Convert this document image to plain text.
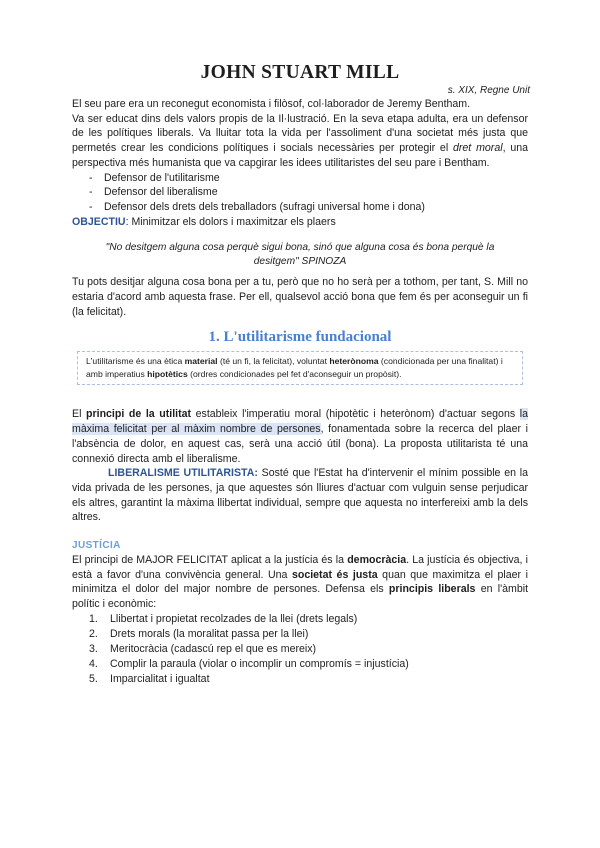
JOHN STUART MILL
s. XIX, Regne Unit

El seu pare era un reconegut economista i filòsof, col·laborador de Jeremy Bentham.

Va ser educat dins dels valors propis de la Il·lustració. En la seva etapa adulta, era un defensor de les polítiques liberals. Va lluitar tota la vida per l'assoliment d'una societat més justa que permetés crear les condicions polítiques i socials necessàries per protegir el dret moral, una perspectiva més humanista que va capgirar les idees utilitaristes del seu pare i Bentham.

- Defensor de l'utilitarisme
- Defensor del liberalisme
- Defensor dels drets dels treballadors (sufragi universal home i dona)

OBJECTIU: Minimitzar els dolors i maximitzar els plaers

"No desitgem alguna cosa perquè sigui bona, sinó que alguna cosa és bona perquè la desitgem" SPINOZA

Tu pots desitjar alguna cosa bona per a tu, però que no ho serà per a tothom, per tant, S. Mill no estaria d'acord amb aquesta frase. Per ell, qualsevol acció bona que fem és per aconseguir un fi (la felicitat).

1. L'utilitarisme fundacional
L'utilitarisme és una ètica material (té un fi, la felicitat), voluntat heterònoma (condicionada per una finalitat) i amb imperatius hipotètics (ordres condicionades pel fet d'aconseguir un propòsit).

El principi de la utilitat estableix l'imperatiu moral (hipotètic i heterònom) d'actuar segons la màxima felicitat per al màxim nombre de persones, fonamentada sobre la recerca del plaer i l'absència de dolor, en aquest cas, serà una acció útil (bona). La proposta utilitarista té una connexió directa amb el liberalisme.

LIBERALISME UTILITARISTA: Sosté que l'Estat ha d'intervenir el mínim possible en la vida privada de les persones, ja que aquestes són lliures d'actuar com vulguin sense perjudicar els altres, garantint la màxima llibertat individual, sempre que aquesta no interfereixi amb la dels altres.

JUSTÍCIA

El principi de MAJOR FELICITAT aplicat a la justícia és la democràcia. La justícia és objectiva, i està a favor d'una convivència general. Una societat és justa quan que maximitza el plaer i minimitza el dolor del major nombre de persones. Defensa els principis liberals en l'àmbit polític i econòmic:

1. Llibertat i propietat recolzades de la llei (drets legals)
2. Drets morals (la moralitat passa per la llei)
3. Meritocràcia (cadascú rep el que es mereix)
4. Complir la paraula (violar o incomplir un compromís = injustícia)
5. Imparcialitat i igualtat
